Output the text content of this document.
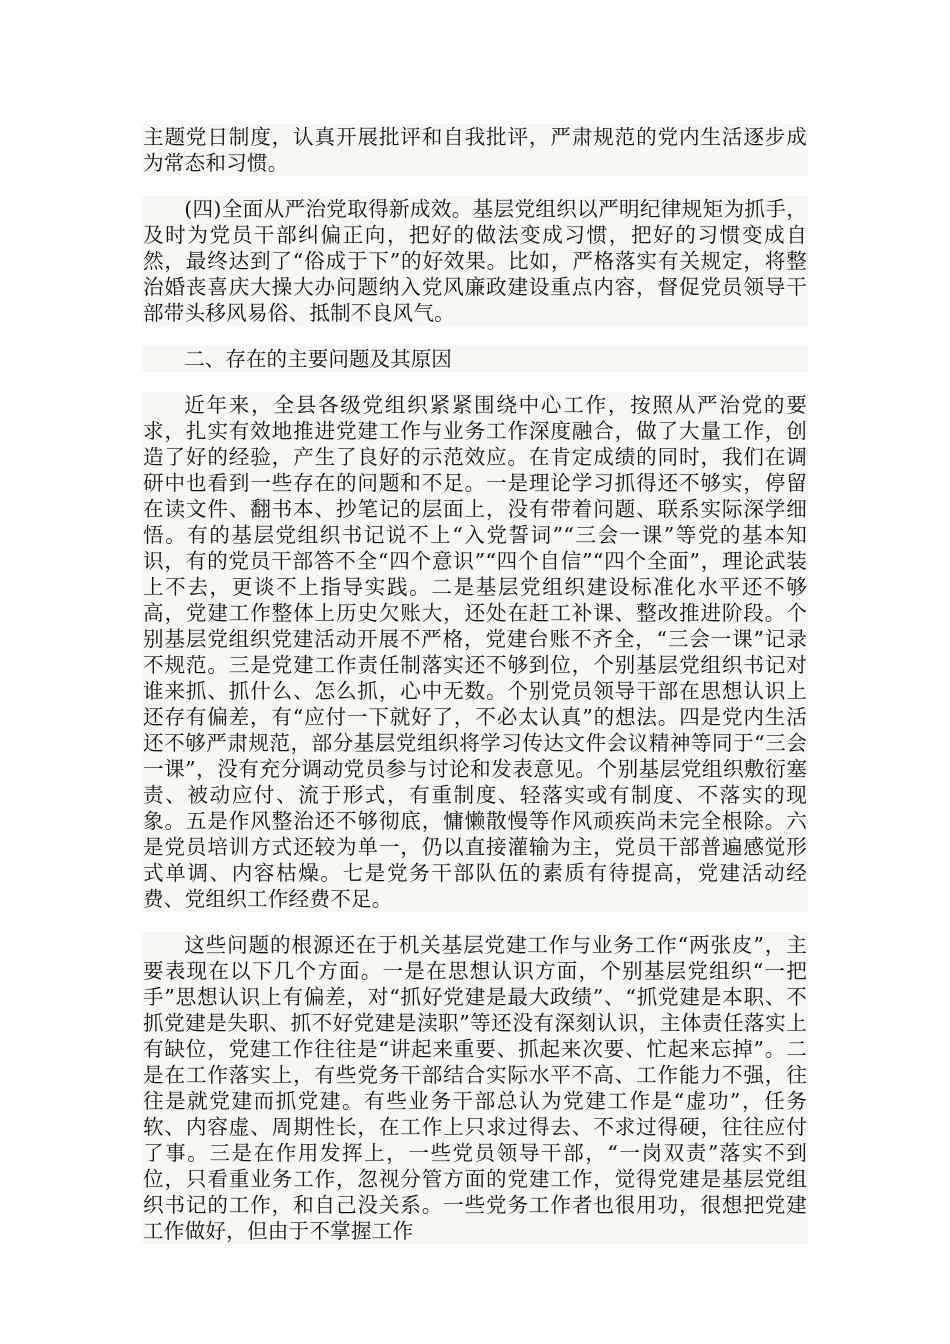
主题党日制度，认真开展批评和自我批评，严肃规范的党内生活逐步成为常态和习惯。

(四)全面从严治党取得新成效。基层党组织以严明纪律规矩为抓手，及时为党员干部纠偏正向，把好的做法变成习惯，把好的习惯变成自然，最终达到了“俗成于下”的好效果。比如，严格落实有关规定，将整治婚丧喜庆大操大办问题纳入党风廉政建设重点内容，督促党员领导干部带头移风易俗、抵制不良风气。

二、存在的主要问题及其原因

近年来，全县各级党组织紧紧围绕中心工作，按照从严治党的要求，扎实有效地推进党建工作与业务工作深度融合，做了大量工作，创造了好的经验，产生了良好的示范效应。在肯定成绩的同时，我们在调研中也看到一些存在的问题和不足。一是理论学习抓得还不够实，停留在读文件、翻书本、抄笔记的层面上，没有带着问题、联系实际深学细悟。有的基层党组织书记说不上“入党誓词”“三会一课”等党的基本知识，有的党员干部答不全“四个意识”“四个自信”“四个全面”，理论武装上不去，更谈不上指导实践。二是基层党组织建设标准化水平还不够高，党建工作整体上历史欠账大，还处在赶工补课、整改推进阶段。个别基层党组织党建活动开展不严格，党建台账不齐全，“三会一课”记录不规范。三是党建工作责任制落实还不够到位，个别基层党组织书记对谁来抓、抓什么、怎么抓，心中无数。个别党员领导干部在思想认识上还存有偏差，有“应付一下就好了，不必太认真”的想法。四是党内生活还不够严肃规范，部分基层党组织将学习传达文件会议精神等同于“三会一课”，没有充分调动党员参与讨论和发表意见。个别基层党组织敷衍塞责、被动应付、流于形式，有重制度、轻落实或有制度、不落实的现象。五是作风整治还不够彻底，慵懒散慢等作风顽疾尚未完全根除。六是党员培训方式还较为单一，仍以直接灌输为主，党员干部普遍感觉形式单调、内容枯燥。七是党务干部队伍的素质有待提高，党建活动经费、党组织工作经费不足。

这些问题的根源还在于机关基层党建工作与业务工作“两张皮”，主要表现在以下几个方面。一是在思想认识方面，个别基层党组织“一把手”思想认识上有偏差，对“抓好党建是最大政绩”、“抓党建是本职、不抓党建是失职、抓不好党建是渎职”等还没有深刻认识，主体责任落实上有缺位，党建工作往往是“讲起来重要、抓起来次要、忙起来忘掉”。二是在工作落实上，有些党务干部结合实际水平不高、工作能力不强，往往是就党建而抓党建。有些业务干部总认为党建工作是“虚功”，任务软、内容虚、周期性长，在工作上只求过得去、不求过得硬，往往应付了事。三是在作用发挥上，一些党员领导干部，“一岗双责”落实不到位，只看重业务工作，忽视分管方面的党建工作，觉得党建是基层党组织书记的工作，和自己没关系。一些党务工作者也很用功，很想把党建工作做好，但由于不掌握工作
